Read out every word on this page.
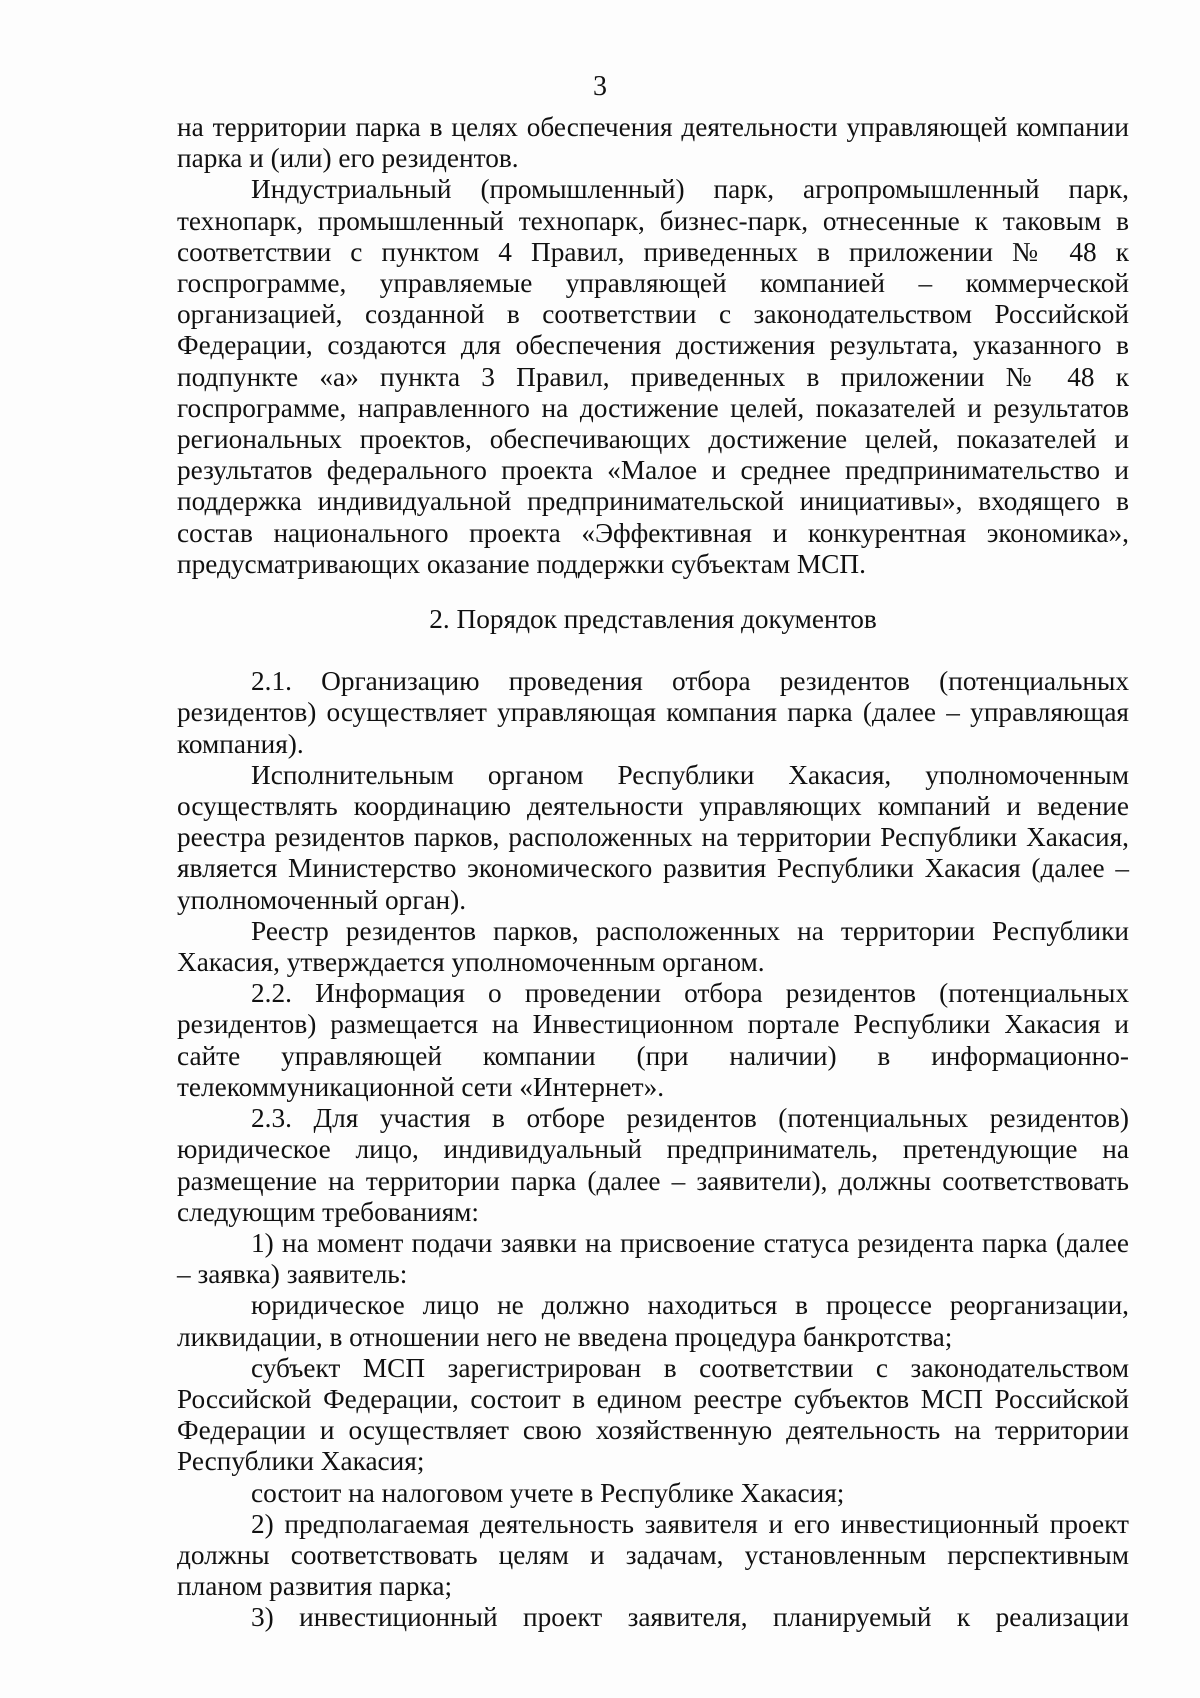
3

на территории парка в целях обеспечения деятельности управляющей компании парка и (или) его резидентов.

Индустриальный (промышленный) парк, агропромышленный парк, технопарк, промышленный технопарк, бизнес-парк, отнесенные к таковым в соответствии с пунктом 4 Правил, приведенных в приложении № 48 к госпрограмме, управляемые управляющей компанией – коммерческой организацией, созданной в соответствии с законодательством Российской Федерации, создаются для обеспечения достижения результата, указанного в подпункте «а» пункта 3 Правил, приведенных в приложении № 48 к госпрограмме, направленного на достижение целей, показателей и результатов региональных проектов, обеспечивающих достижение целей, показателей и результатов федерального проекта «Малое и среднее предпринимательство и поддержка индивидуальной предпринимательской инициативы», входящего в состав национального проекта «Эффективная и конкурентная экономика», предусматривающих оказание поддержки субъектам МСП.

2. Порядок представления документов

2.1. Организацию проведения отбора резидентов (потенциальных резидентов) осуществляет управляющая компания парка (далее – управляющая компания).

Исполнительным органом Республики Хакасия, уполномоченным осуществлять координацию деятельности управляющих компаний и ведение реестра резидентов парков, расположенных на территории Республики Хакасия, является Министерство экономического развития Республики Хакасия (далее – уполномоченный орган).

Реестр резидентов парков, расположенных на территории Республики Хакасия, утверждается уполномоченным органом.

2.2. Информация о проведении отбора резидентов (потенциальных резидентов) размещается на Инвестиционном портале Республики Хакасия и сайте управляющей компании (при наличии) в информационно-телекоммуникационной сети «Интернет».

2.3. Для участия в отборе резидентов (потенциальных резидентов) юридическое лицо, индивидуальный предприниматель, претендующие на размещение на территории парка (далее – заявители), должны соответствовать следующим требованиям:

1) на момент подачи заявки на присвоение статуса резидента парка (далее – заявка) заявитель:

юридическое лицо не должно находиться в процессе реорганизации, ликвидации, в отношении него не введена процедура банкротства;

субъект МСП зарегистрирован в соответствии с законодательством Российской Федерации, состоит в едином реестре субъектов МСП Российской Федерации и осуществляет свою хозяйственную деятельность на территории Республики Хакасия;

состоит на налоговом учете в Республике Хакасия;

2) предполагаемая деятельность заявителя и его инвестиционный проект должны соответствовать целям и задачам, установленным перспективным планом развития парка;

3) инвестиционный проект заявителя, планируемый к реализации
